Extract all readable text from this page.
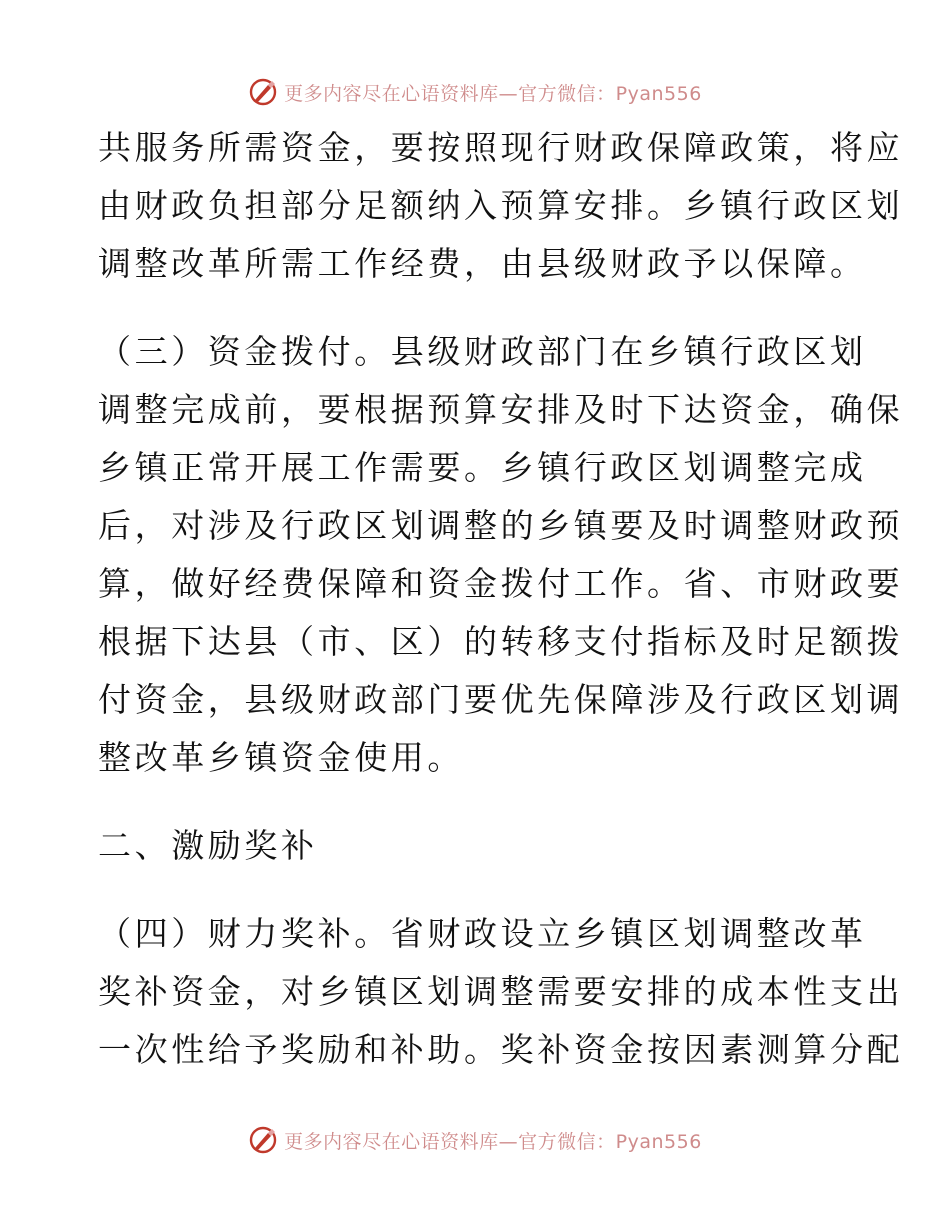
更多内容尽在心语资料库—官方微信：Pyan556
共服务所需资金，要按照现行财政保障政策，将应
由财政负担部分足额纳入预算安排。乡镇行政区划
调整改革所需工作经费，由县级财政予以保障。
（三）资金拨付。县级财政部门在乡镇行政区划
调整完成前，要根据预算安排及时下达资金，确保
乡镇正常开展工作需要。乡镇行政区划调整完成
后，对涉及行政区划调整的乡镇要及时调整财政预
算，做好经费保障和资金拨付工作。省、市财政要
根据下达县（市、区）的转移支付指标及时足额拨
付资金，县级财政部门要优先保障涉及行政区划调
整改革乡镇资金使用。
二、激励奖补
（四）财力奖补。省财政设立乡镇区划调整改革
奖补资金，对乡镇区划调整需要安排的成本性支出
一次性给予奖励和补助。奖补资金按因素测算分配
更多内容尽在心语资料库—官方微信：Pyan556
